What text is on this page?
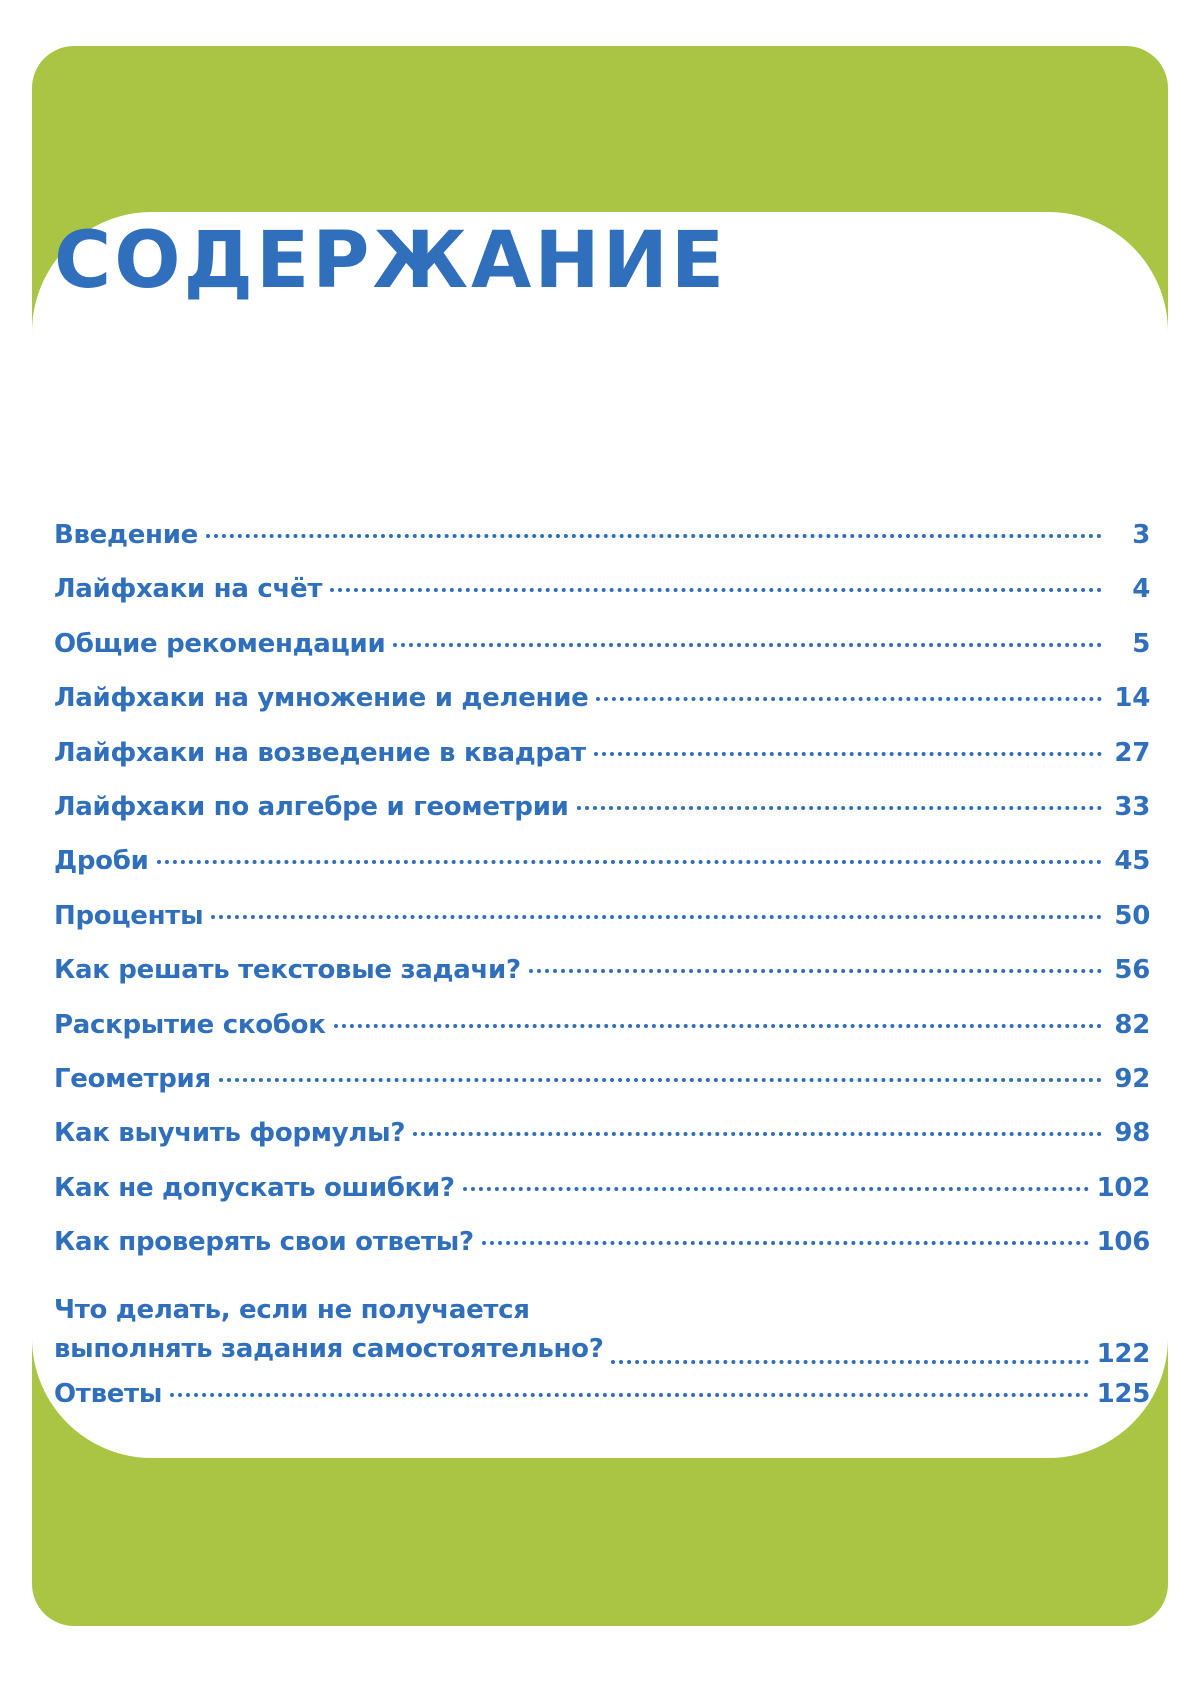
СОДЕРЖАНИЕ
Введение	3
Лайфхаки на счёт	4
Общие рекомендации	5
Лайфхаки на умножение и деление	14
Лайфхаки на возведение в квадрат	27
Лайфхаки по алгебре и геометрии	33
Дроби	45
Проценты	50
Как решать текстовые задачи?	56
Раскрытие скобок	82
Геометрия	92
Как выучить формулы?	98
Как не допускать ошибки?	102
Как проверять свои ответы?	106
Что делать, если не получается
выполнять задания самостоятельно?	122
Ответы	125
